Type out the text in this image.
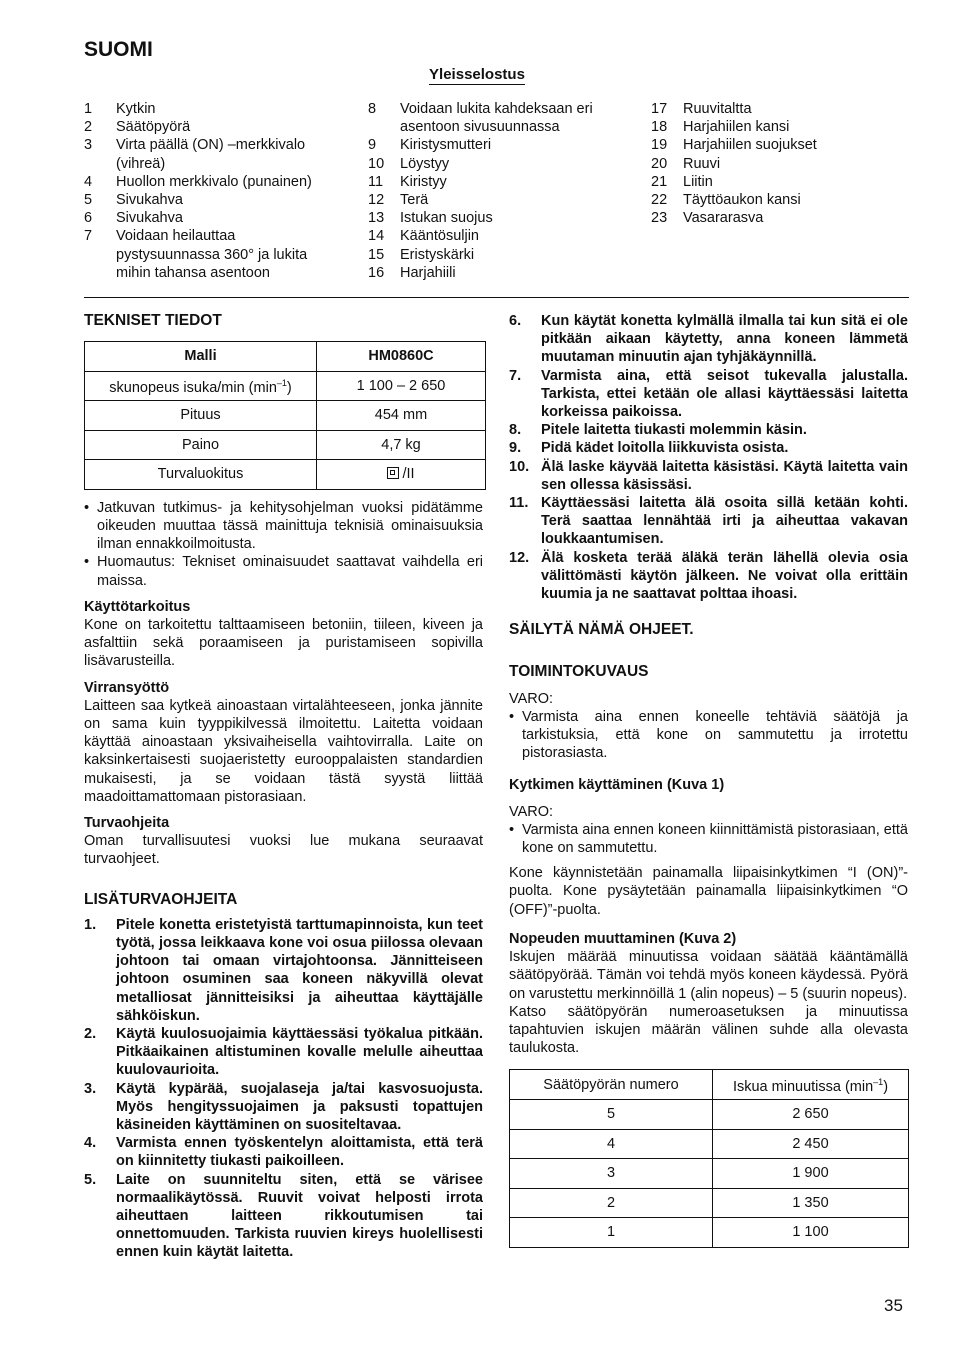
SUOMI
Yleisselostus
1	Kytkin
2	Säätöpyörä
3	Virta päällä (ON) –merkkivalo (vihreä)
4	Huollon merkkivalo (punainen)
5	Sivukahva
6	Sivukahva
7	Voidaan heilauttaa pystysuunnassa 360° ja lukita mihin tahansa asentoon
8	Voidaan lukita kahdeksaan eri asentoon sivusuunnassa
9	Kiristysmutteri
10	Löystyy
11	Kiristyy
12	Terä
13	Istukan suojus
14	Kääntösuljin
15	Eristyskärki
16	Harjahiili
17	Ruuvitaltta
18	Harjahiilen kansi
19	Harjahiilen suojukset
20	Ruuvi
21	Liitin
22	Täyttöaukon kansi
23	Vasararasva
TEKNISET TIEDOT
Malli	HM0860C
skunopeus isuka/min $(\min^{-1})$	1 100 – 2 650
Pituus	454 mm
Paino	4,7 kg
Turvaluokitus	/II
• Jatkuvan tutkimus- ja kehitysohjelman vuoksi pidätämme oikeuden muuttaa tässä mainittuja teknisiä ominaisuuksia ilman ennakkoilmoitusta.
• Huomautus: Tekniset ominaisuudet saattavat vaihdella eri maissa.

Käyttötarkoitus

Kone on tarkoitettu talttaamiseen betoniin, tiileen, kiveen ja asfalttiin sekä poraamiseen ja puristamiseen sopivilla lisävarusteilla.

Virransyöttö

Laitteen saa kytkeä ainoastaan virtalähteeseen, jonka jännite on sama kuin tyyppikilvessä ilmoitettu. Laitetta voidaan käyttää ainoastaan yksivaiheisella vaihtovirralla. Laite on kaksinkertaisesti suojaeristetty eurooppalaisten standardien mukaisesti, ja se voidaan tästä syystä liittää maadoittamattomaan pistorasiaan.

Turvaohjeita

Oman turvallisuutesi vuoksi lue mukana seuraavat turvaohjeet.

LISÄTURVAOHJEITA
1.	Pitele konetta eristetyistä tarttumapinnoista, kun teet työtä, jossa leikkaava kone voi osua piilossa olevaan johtoon tai omaan virtajohtoonsa. Jännitteiseen johtoon osuminen saa koneen näkyvillä olevat metalliosat jännitteisiksi ja aiheuttaa käyttäjälle sähköiskun.
2.	Käytä kuulosuojaimia käyttäessäsi työkalua pitkään. Pitkäaikainen altistuminen kovalle melulle aiheuttaa kuulovaurioita.
3.	Käytä kypärää, suojalaseja ja/tai kasvosuojusta. Myös hengityssuojaimen ja paksusti topattujen käsineiden käyttäminen on suositeltavaa.
4.	Varmista ennen työskentelyn aloittamista, että terä on kiinnitetty tiukasti paikoilleen.
5.	Laite on suunniteltu siten, että se värisee normaalikäytössä. Ruuvit voivat helposti irrota aiheuttaen laitteen rikkoutumisen tai onnettomuuden. Tarkista ruuvien kireys huolellisesti ennen kuin käytät laitetta.
6.	Kun käytät konetta kylmällä ilmalla tai kun sitä ei ole pitkään aikaan käytetty, anna koneen lämmetä muutaman minuutin ajan tyhjäkäynnillä.
7.	Varmista aina, että seisot tukevalla jalustalla. Tarkista, ettei ketään ole allasi käyttäessäsi laitetta korkeissa paikoissa.
8.	Pitele laitetta tiukasti molemmin käsin.
9.	Pidä kädet loitolla liikkuvista osista.
10. Älä laske käyvää laitetta käsistäsi. Käytä laitetta vain sen ollessa käsissäsi.
11. Käyttäessäsi laitetta älä osoita sillä ketään kohti. Terä saattaa lennähtää irti ja aiheuttaa vakavan loukkaantumisen.
12. Älä kosketa terää äläkä terän lähellä olevia osia välittömästi käytön jälkeen. Ne voivat olla erittäin kuumia ja ne saattavat polttaa ihoasi.
SÄILYTÄ NÄMÄ OHJEET.
TOIMINTOKUVAUS

VARO:

• Varmista aina ennen koneelle tehtäviä säätöjä ja tarkistuksia, että kone on sammutettu ja irrotettu pistorasiasta.

Kytkimen käyttäminen (Kuva 1)

VARO:

• Varmista aina ennen koneen kiinnittämistä pistorasiaan, että kone on sammutettu.

Kone käynnistetään painamalla liipaisinkytkimen “I (ON)”-puolta. Kone pysäytetään painamalla liipaisinkytkimen “O (OFF)”-puolta.

Nopeuden muuttaminen (Kuva 2)

Iskujen määrää minuutissa voidaan säätää kääntämällä säätöpyörää. Tämän voi tehdä myös koneen käydessä. Pyörä on varustettu merkinnöillä 1 (alin nopeus) – 5 (suurin nopeus).

Katso säätöpyörän numeroasetuksen ja minuutissa tapahtuvien iskujen määrän välinen suhde alla olevasta taulukosta.

Säätöpyörän numero	Iskua minuutissa $(\min^{-1})$
5	2 650
4	2 450
3	1 900
2	1 350
1	1 100
35
